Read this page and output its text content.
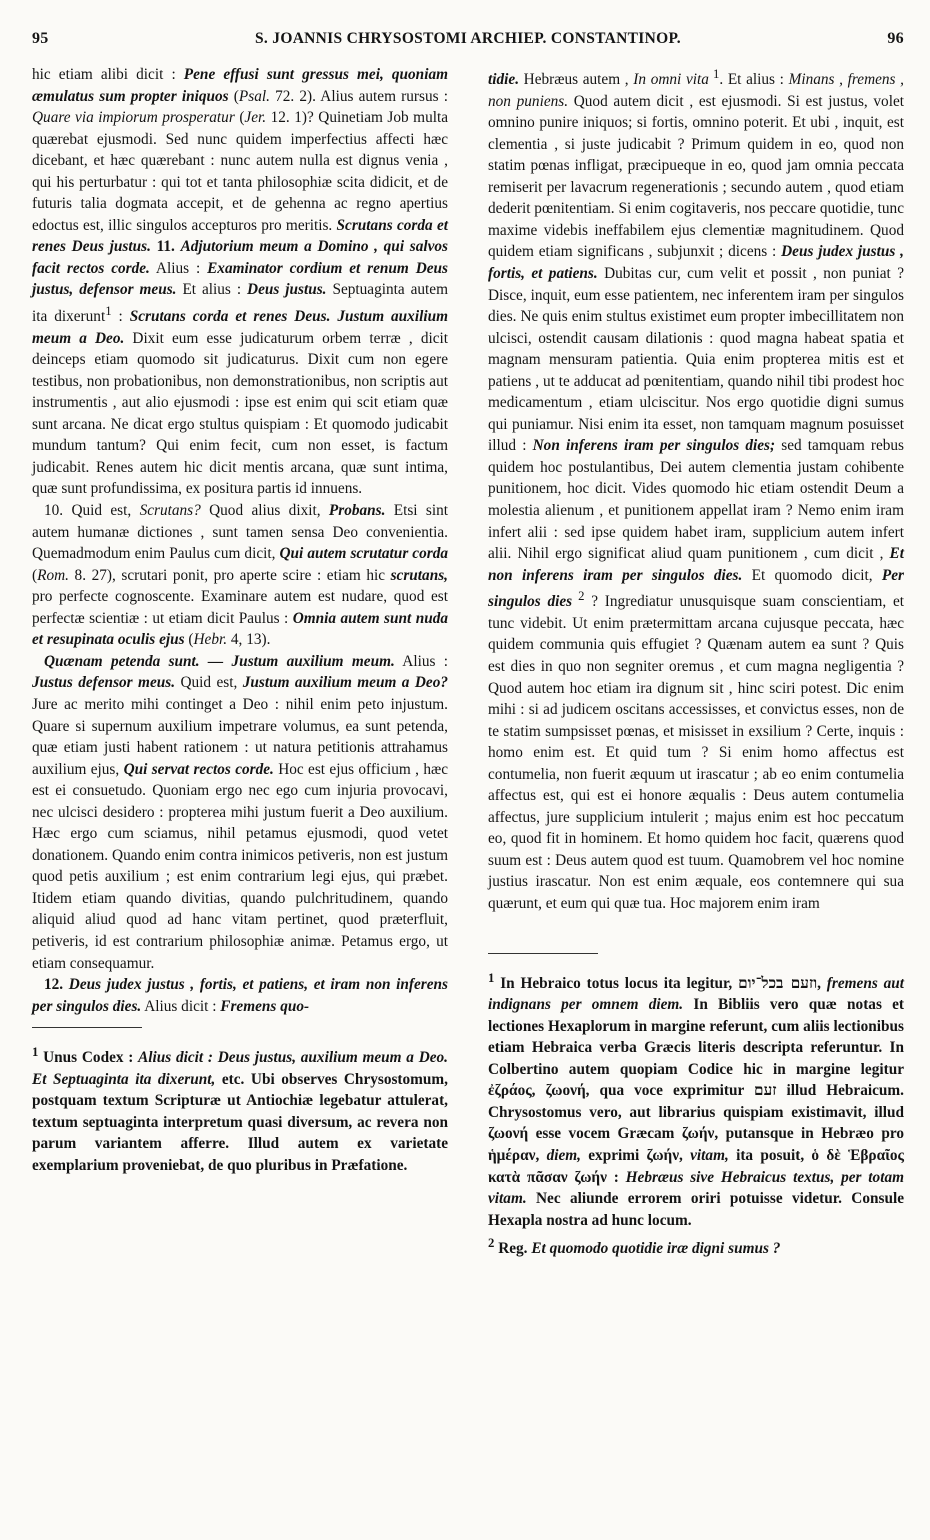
95	S. JOANNIS CHRYSOSTOMI ARCHIEP. CONSTANTINOP.	96

hic etiam alibi dicit : Pene effusi sunt gressus mei, quoniam æmulatus sum propter iniquos (Psal. 72. 2). Alius autem rursus : Quare via impiorum prosperatur (Jer. 12. 1)? Quinetiam Job multa quærebat ejusmodi. Sed nunc quidem imperfectius affecti hæc dicebant, et hæc quærebant : nunc autem nulla est dignus venia , qui his perturbatur : qui tot et tanta philosophiæ scita didicit, et de futuris talia dogmata accepit, et de gehenna ac regno apertius edoctus est, illic singulos accepturos pro meritis. Scrutans corda et renes Deus justus. 11. Adjutorium meum a Domino , qui salvos facit rectos corde. Alius : Examinator cordium et renum Deus justus, defensor meus. Et alius : Deus justus. Septuaginta autem ita dixerunt$^1$ : Scrutans corda et renes Deus. Justum auxilium meum a Deo. Dixit eum esse judicaturum orbem terræ , dicit deinceps etiam quomodo sit judicaturus. Dixit cum non egere testibus, non probationibus, non demonstrationibus, non scriptis aut instrumentis , aut alio ejusmodi : ipse est enim qui scit etiam quæ sunt arcana. Ne dicat ergo stultus quispiam : Et quomodo judicabit mundum tantum? Qui enim fecit, cum non esset, is factum judicabit. Renes autem hic dicit mentis arcana, quæ sunt intima, quæ sunt profundissima, ex positura partis id innuens.

10. Quid est, Scrutans? Quod alius dixit, Probans. Etsi sint autem humanæ dictiones , sunt tamen sensa Deo convenientia. Quemadmodum enim Paulus cum dicit, Qui autem scrutatur corda (Rom. 8. 27), scrutari ponit, pro aperte scire : etiam hic scrutans, pro perfecte cognoscente. Examinare autem est nudare, quod est perfectæ scientiæ : ut etiam dicit Paulus : Omnia autem sunt nuda et resupinata oculis ejus (Hebr. 4, 13).

Quænam petenda sunt. — Justum auxilium meum. Alius : Justus defensor meus. Quid est, Justum auxilium meum a Deo? Jure ac merito mihi continget a Deo : nihil enim peto injustum. Quare si supernum auxilium impetrare volumus, ea sunt petenda, quæ etiam justi habent rationem : ut natura petitionis attrahamus auxilium ejus, Qui servat rectos corde. Hoc est ejus officium , hæc est ei consuetudo. Quoniam ergo nec ego cum injuria provocavi, nec ulcisci desidero : propterea mihi justum fuerit a Deo auxilium. Hæc ergo cum sciamus, nihil petamus ejusmodi, quod vetet donationem. Quando enim contra inimicos petiveris, non est justum quod petis auxilium ; est enim contrarium legi ejus, qui præbet. Itidem etiam quando divitias, quando pulchritudinem, quando aliquid aliud quod ad hanc vitam pertinet, quod præterfluit, petiveris, id est contrarium philosophiæ animæ. Petamus ergo, ut etiam consequamur.

12. Deus judex justus , fortis, et patiens, et iram non inferens per singulos dies. Alius dicit : Fremens quo-

$^1$ Unus Codex : Alius dicit : Deus justus, auxilium meum a Deo. Et Septuaginta ita dixerunt, etc. Ubi observes Chrysostomum, postquam textum Scripturæ ut Antiochiæ legebatur attulerat, textum septuaginta interpretum quasi diversum, ac revera non parum variantem afferre. Illud autem ex varietate exemplarium proveniebat, de quo pluribus in Præfatione.

tidie. Hebræus autem , In omni vita $^1$. Et alius : Minans , fremens , non puniens. Quod autem dicit , est ejusmodi. Si est justus, volet omnino punire iniquos; si fortis, omnino poterit. Et ubi , inquit, est clementia , si juste judicabit ? Primum quidem in eo, quod non statim pœnas infligat, præcipueque in eo, quod jam omnia peccata remiserit per lavacrum regenerationis ; secundo autem , quod etiam dederit pœnitentiam. Si enim cogitaveris, nos peccare quotidie, tunc maxime videbis ineffabilem ejus clementiæ magnitudinem. Quod quidem etiam significans , subjunxit ; dicens : Deus judex justus , fortis, et patiens. Dubitas cur, cum velit et possit , non puniat ? Disce, inquit, eum esse patientem, nec inferentem iram per singulos dies. Ne quis enim stultus existimet eum propter imbecillitatem non ulcisci, ostendit causam dilationis : quod magna habeat spatia et magnam mensuram patientia. Quia enim propterea mitis est et patiens , ut te adducat ad pœnitentiam, quando nihil tibi prodest hoc medicamentum , etiam ulciscitur. Nos ergo quotidie digni sumus qui puniamur. Nisi enim ita esset, non tamquam magnum posuisset illud : Non inferens iram per singulos dies; sed tamquam rebus quidem hoc postulantibus, Dei autem clementia justam cohibente punitionem, hoc dicit. Vides quomodo hic etiam ostendit Deum a molestia alienum , et punitionem appellat iram ? Nemo enim iram infert alii : sed ipse quidem habet iram, supplicium autem infert alii. Nihil ergo significat aliud quam punitionem , cum dicit , Et non inferens iram per singulos dies. Et quomodo dicit, Per singulos dies $^2$ ? Ingrediatur unusquisque suam conscientiam, et tunc videbit. Ut enim prætermittam arcana cujusque peccata, hæc quidem communia quis effugiet ? Quænam autem ea sunt ? Quis est dies in quo non segniter oremus , et cum magna negligentia ? Quod autem hoc etiam ira dignum sit , hinc sciri potest. Dic enim mihi : si ad judicem oscitans accessisses, et convictus esses, non de te statim sumpsisset pœnas, et misisset in exsilium ? Certe, inquis : homo enim est. Et quid tum ? Si enim homo affectus est contumelia, non fuerit æquum ut irascatur ; ab eo enim contumelia affectus est, qui est ei honore æqualis : Deus autem contumelia affectus, jure supplicium intulerit ; majus enim est hoc peccatum eo, quod fit in hominem. Et homo quidem hoc facit, quærens quod suum est : Deus autem quod est tuum. Quamobrem vel hoc nomine justius irascatur. Non est enim æquale, eos contemnere qui sua quærunt, et eum qui quæ tua. Hoc majorem enim iram

$^1$ In Hebraico totus locus ita legitur, וזעם בכל־יום, fremens aut indignans per omnem diem. In Bibliis vero quæ notas et lectiones Hexaplorum in margine referunt, cum aliis lectionibus etiam Hebraica verba Græcis literis descripta referuntur. In Colbertino autem quopiam Codice hic in margine legitur ἐζράος, ζωονή, qua voce exprimitur זעם illud Hebraicum. Chrysostomus vero, aut librarius quispiam existimavit, illud ζωονή esse vocem Græcam ζωήν, putansque in Hebræo pro ἡμέραν, diem, exprimi ζωήν, vitam, ita posuit, ὁ δὲ Ἑβραῖος κατὰ πᾶσαν ζωήν : Hebræus sive Hebraicus textus, per totam vitam. Nec aliunde errorem oriri potuisse videtur. Consule Hexapla nostra ad hunc locum.

$^2$ Reg. Et quomodo quotidie iræ digni sumus ?
